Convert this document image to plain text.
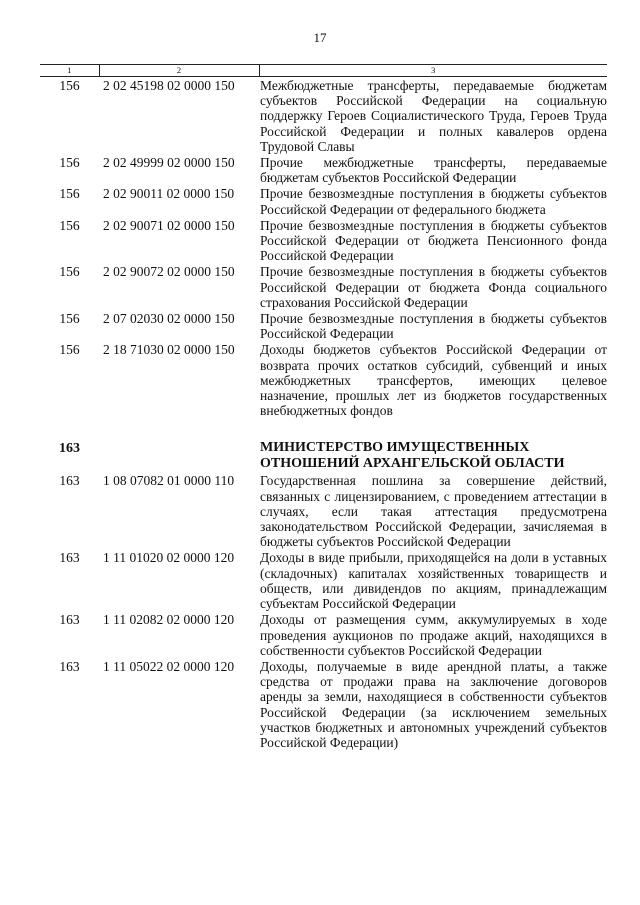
17
1	2	3
156	2 02 45198 02 0000 150	Межбюджетные трансферты, передаваемые бюджетам субъектов Российской Федерации на социальную поддержку Героев Социалистического Труда, Героев Труда Российской Федерации и полных кавалеров ордена Трудовой Славы
156	2 02 49999 02 0000 150	Прочие межбюджетные трансферты, передаваемые бюджетам субъектов Российской Федерации
156	2 02 90011 02 0000 150	Прочие безвозмездные поступления в бюджеты субъектов Российской Федерации от федерального бюджета
156	2 02 90071 02 0000 150	Прочие безвозмездные поступления в бюджеты субъектов Российской Федерации от бюджета Пенсионного фонда Российской Федерации
156	2 02 90072 02 0000 150	Прочие безвозмездные поступления в бюджеты субъектов Российской Федерации от бюджета Фонда социального страхования Российской Федерации
156	2 07 02030 02 0000 150	Прочие безвозмездные поступления в бюджеты субъектов Российской Федерации
156	2 18 71030 02 0000 150	Доходы бюджетов субъектов Российской Федерации от возврата прочих остатков субсидий, субвенций и иных межбюджетных трансфертов, имеющих целевое назначение, прошлых лет из бюджетов государственных внебюджетных фондов

163		МИНИСТЕРСТВО ИМУЩЕСТВЕННЫХ ОТНОШЕНИЙ АРХАНГЕЛЬСКОЙ ОБЛАСТИ
163	1 08 07082 01 0000 110	Государственная пошлина за совершение действий, связанных с лицензированием, с проведением аттестации в случаях, если такая аттестация предусмотрена законодательством Российской Федерации, зачисляемая в бюджеты субъектов Российской Федерации
163	1 11 01020 02 0000 120	Доходы в виде прибыли, приходящейся на доли в уставных (складочных) капиталах хозяйственных товариществ и обществ, или дивидендов по акциям, принадлежащим субъектам Российской Федерации
163	1 11 02082 02 0000 120	Доходы от размещения сумм, аккумулируемых в ходе проведения аукционов по продаже акций, находящихся в собственности субъектов Российской Федерации
163	1 11 05022 02 0000 120	Доходы, получаемые в виде арендной платы, а также средства от продажи права на заключение договоров аренды за земли, находящиеся в собственности субъектов Российской Федерации (за исключением земельных участков бюджетных и автономных учреждений субъектов Российской Федерации)
